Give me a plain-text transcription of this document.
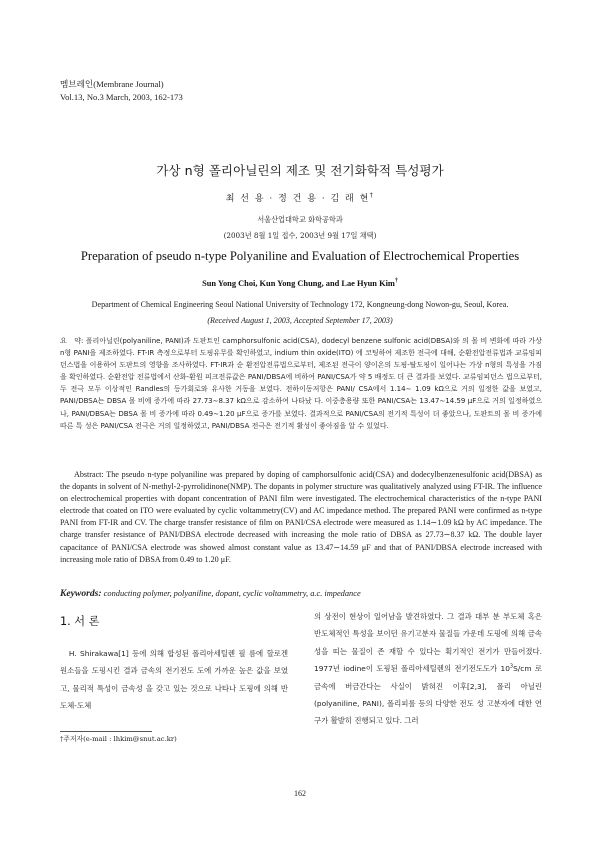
멤브레인(Membrane Journal)
Vol.13, No.3 March, 2003, 162-173
가상 n형 폴리아닐린의 제조 및 전기화학적 특성평가
최 선 용 · 정 건 용 · 김 래 현†
서울산업대학교 화학공학과
(2003년 8월 1일 접수, 2003년 9월 17일 채택)
Preparation of pseudo n-type Polyaniline and Evaluation of Electrochemical Properties
Sun Yong Choi, Kun Yong Chung, and Lae Hyun Kim†
Department of Chemical Engineering Seoul National University of Technology 172, Kongneung-dong Nowon-gu, Seoul, Korea.
(Received August 1, 2003, Accepted September 17, 2003)
요　약: 폴리아닐린(polyaniline, PANI)과 도판트인 camphorsulfonic acid(CSA), dodecyl benzene sulfonic acid(DBSA)와 의 몰 비 변화에 따라 가상 n형 PANI을 제조하였다. FT-IR 측정으로부터 도핑유무를 확인하였고, indium thin oxide(ITO) 에 코팅하여 제조한 전극에 대해, 순환전압전류법과 교류임피던스법을 이용하여 도판트의 영향을 조사하였다. FT-IR과 순 환전압전류법으로부터, 제조된 전극이 양이온의 도핑-탈도핑이 일어나는 가상 n형의 특성을 가짐을 확인하였다. 순환전압 전류법에서 산화-환원 피크전류값은 PANI/DBSA에 비하여 PANI/CSA가 약 5 배정도 더 큰 결과를 보였다. 교류임피던스 법으로부터, 두 전극 모두 이상적인 Randles의 등가회로와 유사한 거동을 보였다. 전하이동저항은 PANI/ CSA에서 1.14∼ 1.09 kΩ으로 거의 일정한 값을 보였고, PANI/DBSA는 DBSA 몰 비에 증가에 따라 27.73∼8.37 kΩ으로 감소하여 나타났 다. 이중층용량 또한 PANI/CSA는 13.47∼14.59 μF으로 거의 일정하였으나, PANI/DBSA는 DBSA 몰 비 증가에 따라 0.49∼1.20 μF으로 증가를 보였다. 결과적으로 PANI/CSA의 전기적 특성이 더 좋았으나, 도판트의 몰 비 증가에 따른 특 성은 PANI/CSA 전극은 거의 일정하였고, PANI/DBSA 전극은 전기적 활성이 좋아짐을 알 수 있었다.
Abstract: The pseudo n-type polyaniline was prepared by doping of camphorsulfonic acid(CSA) and dodecylbenzenesulfonic acid(DBSA) as the dopants in solvent of N-methyl-2-pyrrolidinone(NMP). The dopants in polymer structure was qualitatively analyzed using FT-IR. The influence on electrochemical properties with dopant concentration of PANI film were investigated. The electrochemical characteristics of the n-type PANI electrode that coated on ITO were evaluated by cyclic voltammetry(CV) and AC impedance method. The prepared PANI were confirmed as n-type PANI from FT-IR and CV. The charge transfer resistance of film on PANI/CSA electrode were measured as 1.14∼1.09 kΩ by AC impedance. The charge transfer resistance of PANI/DBSA electrode decreased with increasing the mole ratio of DBSA as 27.73∼8.37 kΩ. The double layer capacitance of PANI/CSA electrode was showed almost constant value as 13.47∼14.59 μF and that of PANI/DBSA electrode increased with increasing mole ratio of DBSA from 0.49 to 1.20 μF.
Keywords: conducting polymer, polyaniline, dopant, cyclic voltammetry, a.c. impedance
1. 서 론

H. Shirakawa[1] 등에 의해 합성된 폴리아세틸렌 필 름에 할로겐 원소들을 도핑시킨 결과 금속의 전기전도 도에 가까운 높은 값을 보였고, 물리적 특성이 금속성 을 갖고 있는 것으로 나타나 도핑에 의해 반도체-도체

의 상전이 현상이 일어남을 발견하였다. 그 결과 대부 분 부도체 혹은 반도체적인 특성을 보이던 유기고분자 물질들 가운데 도핑에 의해 금속성을 띠는 물질이 존 재할 수 있다는 획기적인 전기가 만들어졌다. 1977년 iodine이 도핑된 폴리아세틸렌의 전기전도도가 $10^3S/cm$ 로 금속에 버금간다는 사실이 밝혀진 이후[2,3], 폴리 아닐린(polyaniline, PANI), 폴리피롤 등의 다양한 전도 성 고분자에 대한 연구가 활발히 진행되고 있다. 그러

†주저자(e-mail : lhkim@snut.ac.kr)
162
